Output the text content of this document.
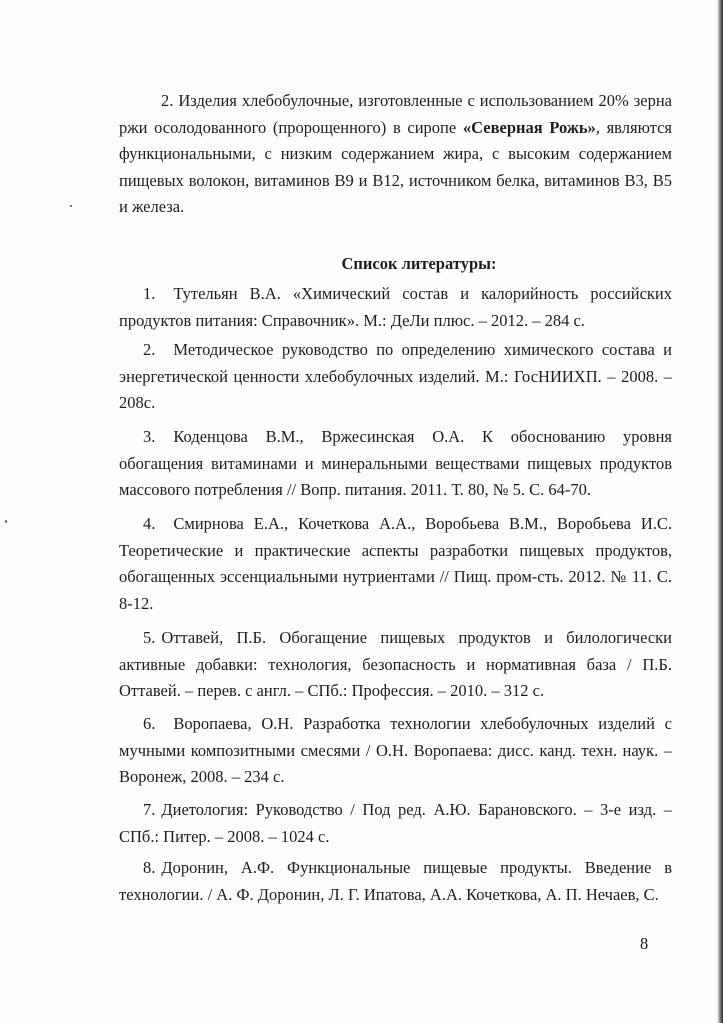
2. Изделия хлебобулочные, изготовленные с использованием 20% зерна ржи осолодованного (пророщенного) в сиропе «Северная Рожь», являются функциональными, с низким содержанием жира, с высоким содержанием пищевых волокон, витаминов В9 и В12, источником белка, витаминов В3, В5 и железа.

Список литературы:

1. Тутельян В.А. «Химический состав и калорийность российских продуктов питания: Справочник». М.: ДеЛи плюс. – 2012. – 284 с.

2. Методическое руководство по определению химического состава и энергетической ценности хлебобулочных изделий. М.: ГосНИИХП. – 2008. – 208с.

3. Коденцова В.М., Вржесинская О.А. К обоснованию уровня обогащения витаминами и минеральными веществами пищевых продуктов массового потребления // Вопр. питания. 2011. Т. 80, № 5. С. 64-70.

4. Смирнова Е.А., Кочеткова А.А., Воробьева В.М., Воробьева И.С. Теоретические и практические аспекты разработки пищевых продуктов, обогащенных эссенциальными нутриентами // Пищ. пром-сть. 2012. № 11. С. 8-12.

5. Оттавей, П.Б. Обогащение пищевых продуктов и билологически активные добавки: технология, безопасность и нормативная база / П.Б. Оттавей. – перев. с англ. – СПб.: Профессия. – 2010. – 312 с.

6. Воропаева, О.Н. Разработка технологии хлебобулочных изделий с мучными композитными смесями / О.Н. Воропаева: дисс. канд. техн. наук. – Воронеж, 2008. – 234 с.

7. Диетология: Руководство / Под ред. А.Ю. Барановского. – 3-е изд. – СПб.: Питер. – 2008. – 1024 с.

8. Доронин, А.Ф. Функциональные пищевые продукты. Введение в технологии. / А. Ф. Доронин, Л. Г. Ипатова, А.А. Кочеткова, А. П. Нечаев, С.

8
